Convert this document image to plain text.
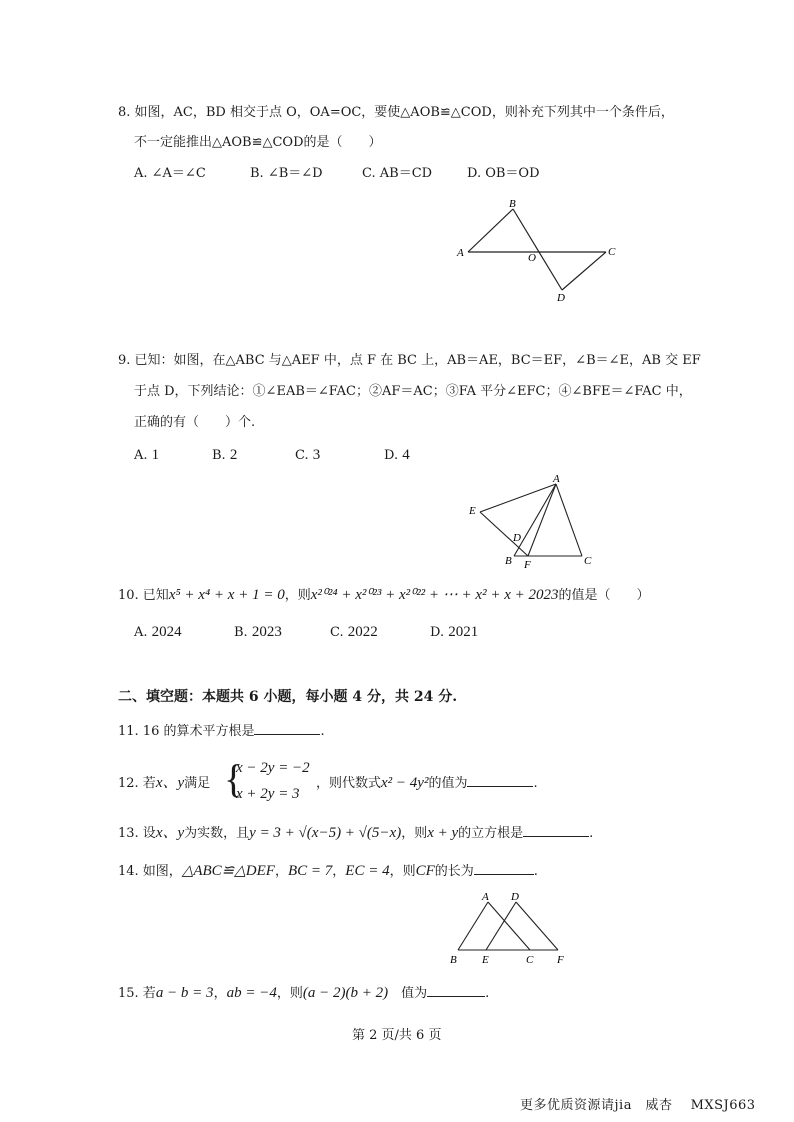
8. 如图，AC，BD 相交于点 O，OA=OC，要使△AOB≌△COD，则补充下列其中一个条件后，
不一定能推出△AOB≌△COD的是（　　）
A. ∠A＝∠C	B. ∠B＝∠D	C. AB＝CD	D. OB＝OD
B
A	O	C
D
9. 已知：如图，在△ABC 与△AEF 中，点 F 在 BC 上，AB＝AE，BC＝EF，∠B＝∠E，AB 交 EF
于点 D，下列结论：①∠EAB＝∠FAC；②AF＝AC；③FA 平分∠EFC；④∠BFE＝∠FAC 中，
正确的有（　　）个.
A. 1	B. 2	C. 3	D. 4
A
E
D
B F	C
10. 已知x⁵ + x⁴ + x + 1 = 0，则x²⁰²⁴ + x²⁰²³ + x²⁰²² + ⋯ + x² + x + 2023的值是（　　）
A. 2024	B. 2023	C. 2022	D. 2021
二、填空题：本题共 6 小题，每小题 4 分，共 24 分.
11. 16 的算术平方根是	.
12. 若x、y满足 {
x − 2y = −2
x + 2y = 3
，则代数式x² − 4y²的值为	.
13. 设x、y为实数，且y = 3 + √(x−5) + √(5−x)，则x + y的立方根是	.
14. 如图，△ABC≌△DEF，BC = 7，EC = 4，则CF的长为	.
A D
B E	C F
15. 若a − b = 3，ab = −4，则(a − 2)(b + 2)　 值为	.
第 2 页/共 6 页
更多优质资源请jia　威杏　 MXSJ663
